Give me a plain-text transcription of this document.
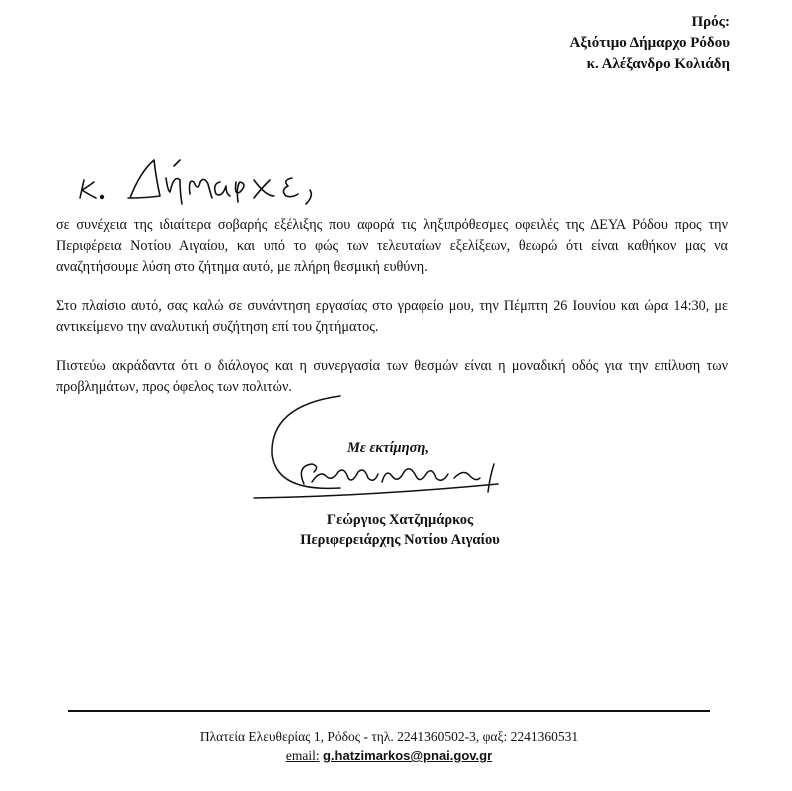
Πρός:
Αξιότιμο Δήμαρχο Ρόδου
κ. Αλέξανδρο Κολιάδη

σε συνέχεια της ιδιαίτερα σοβαρής εξέλιξης που αφορά τις ληξιπρόθεσμες οφειλές της ΔΕΥΑ Ρόδου προς την Περιφέρεια Νοτίου Αιγαίου, και υπό το φώς των τελευταίων εξελίξεων, θεωρώ ότι είναι καθήκον μας να αναζητήσουμε λύση στο ζήτημα αυτό, με πλήρη θεσμική ευθύνη.

Στο πλαίσιο αυτό, σας καλώ σε συνάντηση εργασίας στο γραφείο μου, την Πέμπτη 26 Ιουνίου και ώρα 14:30, με αντικείμενο την αναλυτική συζήτηση επί του ζητήματος.

Πιστεύω ακράδαντα ότι ο διάλογος και η συνεργασία των θεσμών είναι η μοναδική οδός για την επίλυση των προβλημάτων, προς όφελος των πολιτών.

Με εκτίμηση,
Γεώργιος Χατζημάρκος
Περιφερειάρχης Νοτίου Αιγαίου
Πλατεία Ελευθερίας 1, Ρόδος - τηλ. 2241360502-3, φαξ: 2241360531
email: g.hatzimarkos@pnai.gov.gr
